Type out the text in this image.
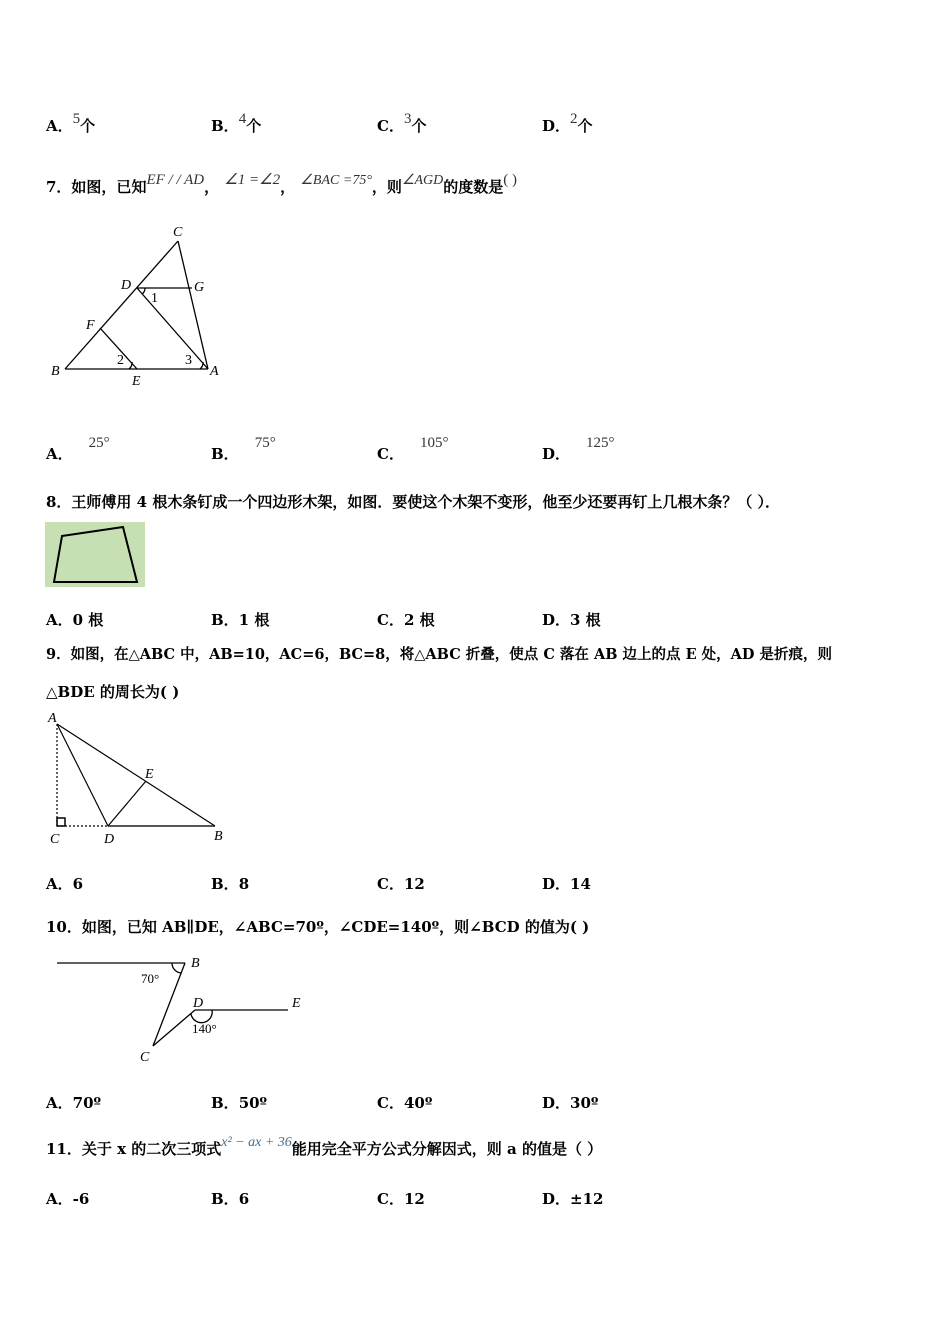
A．5个	B．4个	C．3个	D．2个
7．如图，已知EF / / AD， ∠1 =∠2， ∠BAC =75°，则∠AGD的度数是( )
C
D	G
F
B
E
A
1
2	3
A
E
C	D	B
B
70°
D	E
140°
C
A．25°
B．75°
C．105°
D．125°
8．王师傅用 4 根木条钉成一个四边形木架，如图．要使这个木架不变形，他至少还要再钉上几根木条？（ ）．
A．0 根	B．1 根	C．2 根	D．3 根
9．如图，在△ABC 中，AB=10，AC=6，BC=8，将△ABC 折叠，使点 C 落在 AB 边上的点 E 处，AD 是折痕，则
△BDE 的周长为( )
A．6	B．8	C．12	D．14
10．如图，已知 AB∥DE，∠ABC=70º，∠CDE=140º，则∠BCD 的值为( )
A．70º	B．50º	C．40º	D．30º
11．关于 x 的二次三项式x² − ax + 36能用完全平方公式分解因式，则 a 的值是（ ）
A．-6	B．6	C．12	D．±12
